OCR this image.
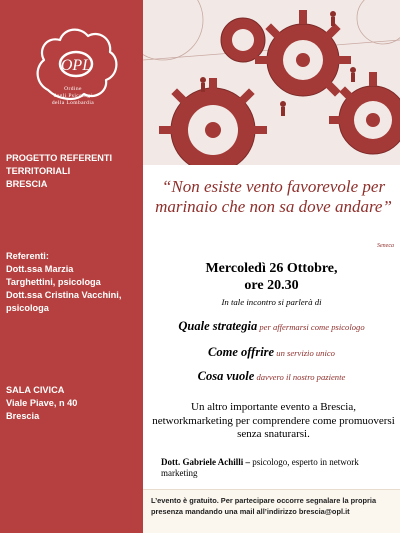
OPL
Ordine
degli Psicologi
della Lombardia
PROGETTO REFERENTI
TERRITORIALI
BRESCIA
Referenti:
Dott.ssa Marzia
Targhettini, psicologa
Dott.ssa Cristina Vacchini,
psicologa
SALA CIVICA
Viale Piave, n 40
Brescia
“Non esiste vento favorevole per marinaio che non sa dove andare”
Seneca
Mercoledì 26 Ottobre,
ore 20.30
In tale incontro si parlerà di
Quale strategia per affermarsi come psicologo
Come offrire un servizio unico
Cosa vuole davvero il nostro paziente
Un altro importante evento a Brescia, networkmarketing per comprendere come promuoversi senza snaturarsi.
Dott. Gabriele Achilli – psicologo, esperto in network marketing
L’evento è gratuito. Per partecipare occorre segnalare la propria presenza mandando una mail all’indirizzo brescia@opl.it
